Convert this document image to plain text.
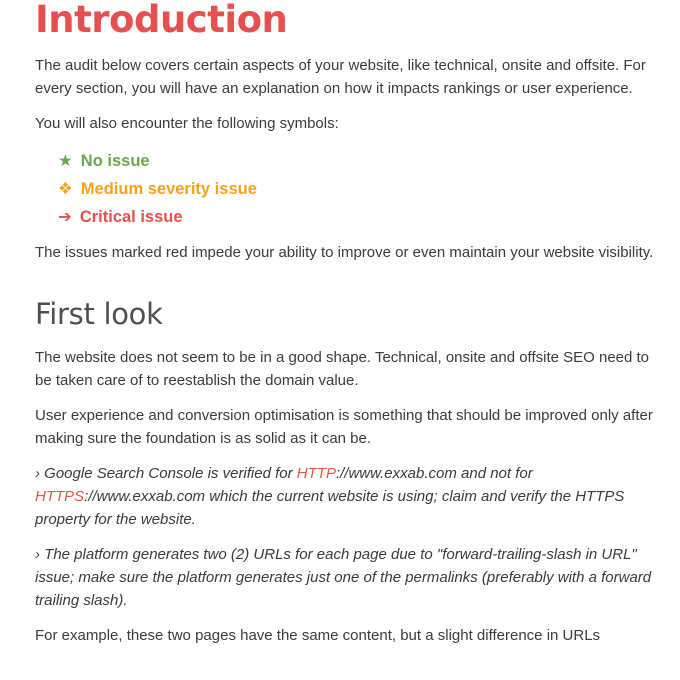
Introduction

The audit below covers certain aspects of your website, like technical, onsite and offsite. For every section, you will have an explanation on how it impacts rankings or user experience.

You will also encounter the following symbols:

★ No issue
❖ Medium severity issue
➔ Critical issue

The issues marked red impede your ability to improve or even maintain your website visibility.

First look

The website does not seem to be in a good shape. Technical, onsite and offsite SEO need to be taken care of to reestablish the domain value.

User experience and conversion optimisation is something that should be improved only after making sure the foundation is as solid as it can be.

› Google Search Console is verified for HTTP://www.exxab.com and not for HTTPS://www.exxab.com which the current website is using; claim and verify the HTTPS property for the website.

› The platform generates two (2) URLs for each page due to "forward-trailing-slash in URL" issue; make sure the platform generates just one of the permalinks (preferably with a forward trailing slash).

For example, these two pages have the same content, but a slight difference in URLs
